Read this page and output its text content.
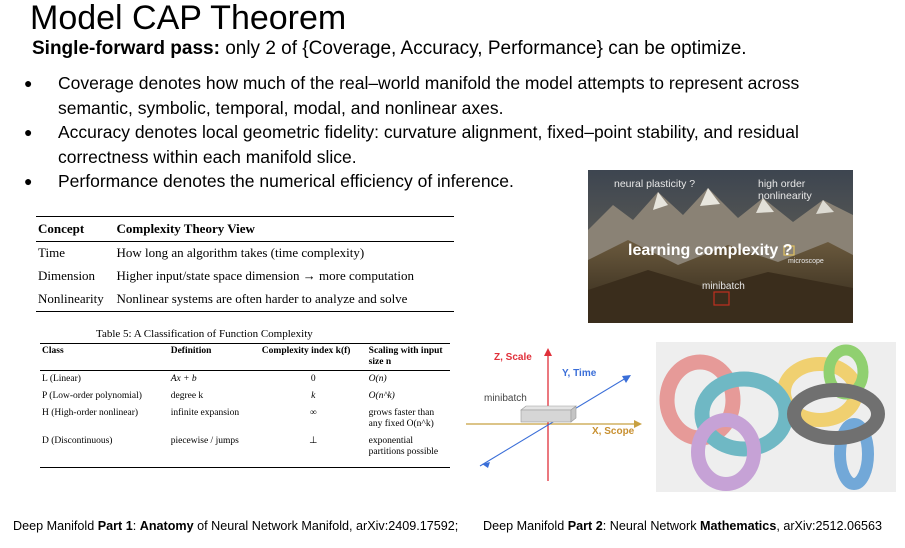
Model CAP Theorem
Single-forward pass: only 2 of {Coverage, Accuracy, Performance} can be optimize.
● Coverage denotes how much of the real–world manifold the model attempts to represent across semantic, symbolic, temporal, modal, and nonlinear axes.
● Accuracy denotes local geometric fidelity: curvature alignment, fixed–point stability, and residual correctness within each manifold slice.
● Performance denotes the numerical efficiency of inference.
Concept	Complexity Theory View
Time	How long an algorithm takes (time complexity)
Dimension	Higher input/state space dimension → more computation
Nonlinearity	Nonlinear systems are often harder to analyze and solve
Table 5: A Classification of Function Complexity
Class	Definition	Complexity index k(f)	Scaling with input size n
L (Linear)	Ax + b	0	O(n)
P (Low-order polynomial)	degree k	k	O(n^k)
H (High-order nonlinear)	infinite expansion	∞	grows faster than any fixed O(n^k)
D (Discontinuous)	piecewise / jumps	⊥	exponential partitions possible
neural plasticity ?	high order nonlinearity
learning complexity ?
microscope
minibatch
Z, Scale
Y, Time
X, Scope
minibatch
Deep Manifold Part 1: Anatomy of Neural Network Manifold, arXiv:2409.17592; Deep Manifold Part 2: Neural Network Mathematics, arXiv:2512.06563
